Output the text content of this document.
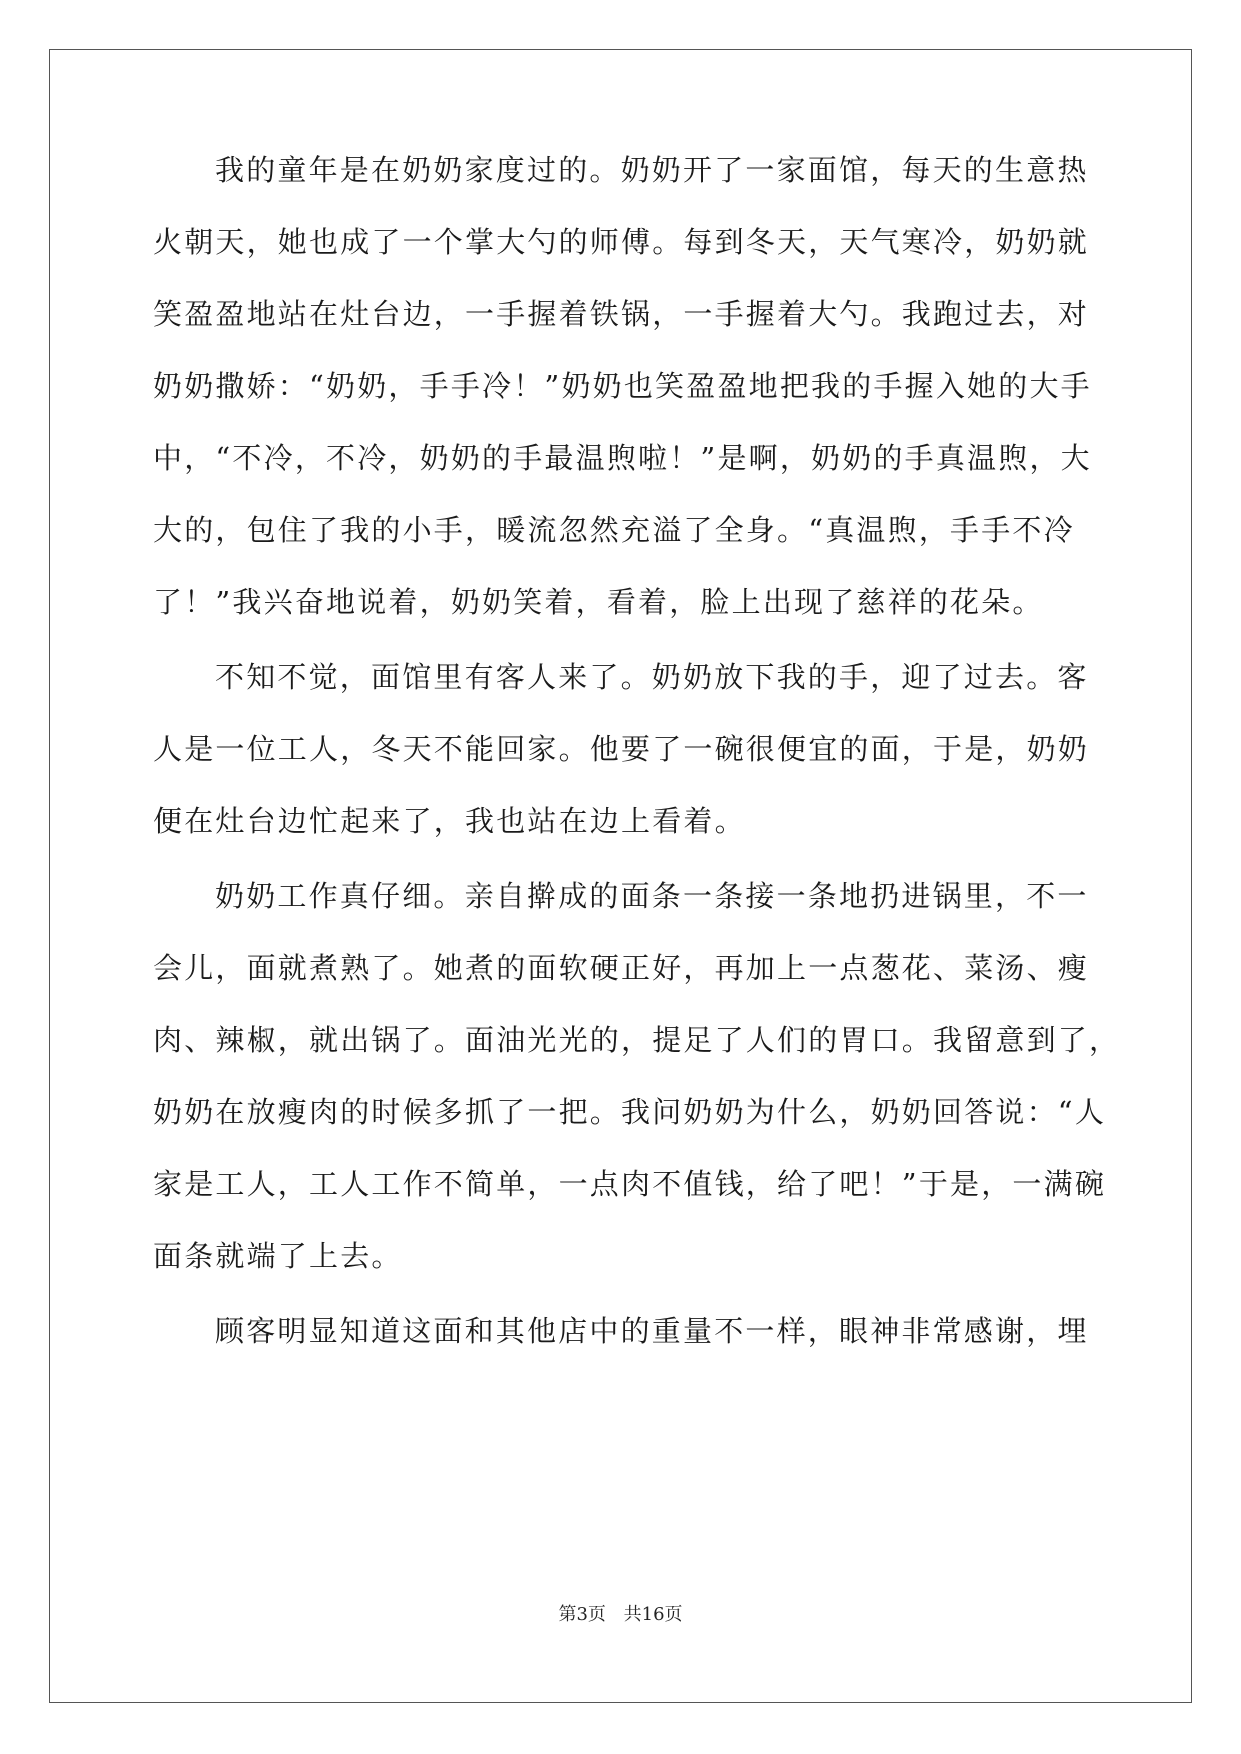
我的童年是在奶奶家度过的。奶奶开了一家面馆，每天的生意热
火朝天，她也成了一个掌大勺的师傅。每到冬天，天气寒冷，奶奶就
笑盈盈地站在灶台边，一手握着铁锅，一手握着大勺。我跑过去，对
奶奶撒娇：“奶奶，手手冷！”奶奶也笑盈盈地把我的手握入她的大手
中，“不冷，不冷，奶奶的手最温煦啦！”是啊，奶奶的手真温煦，大
大的，包住了我的小手，暖流忽然充溢了全身。“真温煦，手手不冷
了！”我兴奋地说着，奶奶笑着，看着，脸上出现了慈祥的花朵。
不知不觉，面馆里有客人来了。奶奶放下我的手，迎了过去。客
人是一位工人，冬天不能回家。他要了一碗很便宜的面，于是，奶奶
便在灶台边忙起来了，我也站在边上看着。
奶奶工作真仔细。亲自擀成的面条一条接一条地扔进锅里，不一
会儿，面就煮熟了。她煮的面软硬正好，再加上一点葱花、菜汤、瘦
肉、辣椒，就出锅了。面油光光的，提足了人们的胃口。我留意到了，
奶奶在放瘦肉的时候多抓了一把。我问奶奶为什么，奶奶回答说：“人
家是工人，工人工作不简单，一点肉不值钱，给了吧！”于是，一满碗
面条就端了上去。
顾客明显知道这面和其他店中的重量不一样，眼神非常感谢，埋
第3页 共16页
